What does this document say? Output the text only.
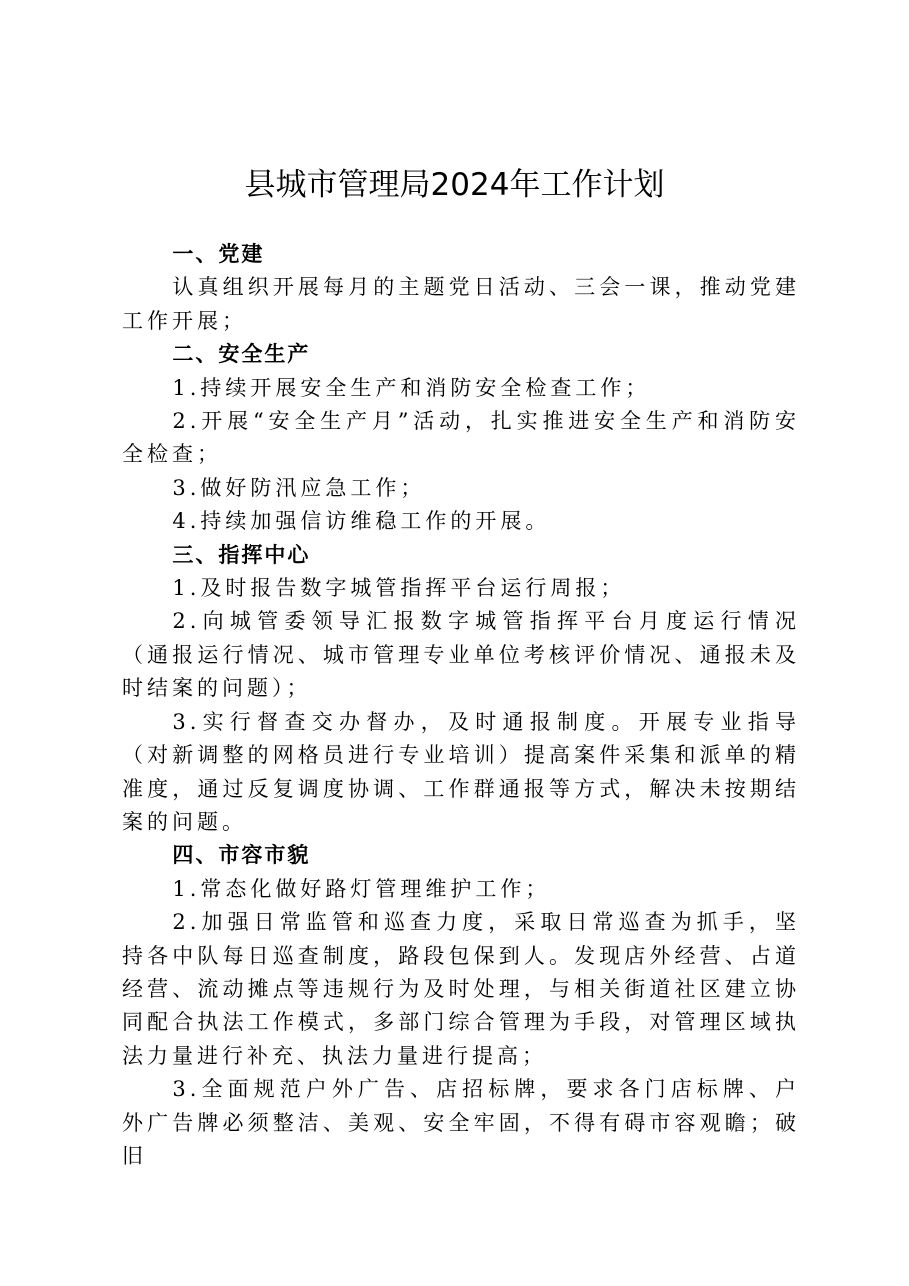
县城市管理局2024年工作计划

一、党建

认真组织开展每月的主题党日活动、三会一课，推动党建工作开展；

二、安全生产

1.持续开展安全生产和消防安全检查工作；

2.开展“安全生产月”活动，扎实推进安全生产和消防安全检查；

3.做好防汛应急工作；

4.持续加强信访维稳工作的开展。

三、指挥中心

1.及时报告数字城管指挥平台运行周报；

2.向城管委领导汇报数字城管指挥平台月度运行情况（通报运行情况、城市管理专业单位考核评价情况、通报未及时结案的问题）；

3.实行督查交办督办，及时通报制度。开展专业指导（对新调整的网格员进行专业培训）提高案件采集和派单的精准度，通过反复调度协调、工作群通报等方式，解决未按期结案的问题。

四、市容市貌

1.常态化做好路灯管理维护工作；

2.加强日常监管和巡查力度，采取日常巡查为抓手，坚持各中队每日巡查制度，路段包保到人。发现店外经营、占道经营、流动摊点等违规行为及时处理，与相关街道社区建立协同配合执法工作模式，多部门综合管理为手段，对管理区域执法力量进行补充、执法力量进行提高；

3.全面规范户外广告、店招标牌，要求各门店标牌、户外广告牌必须整洁、美观、安全牢固，不得有碍市容观瞻；破旧
